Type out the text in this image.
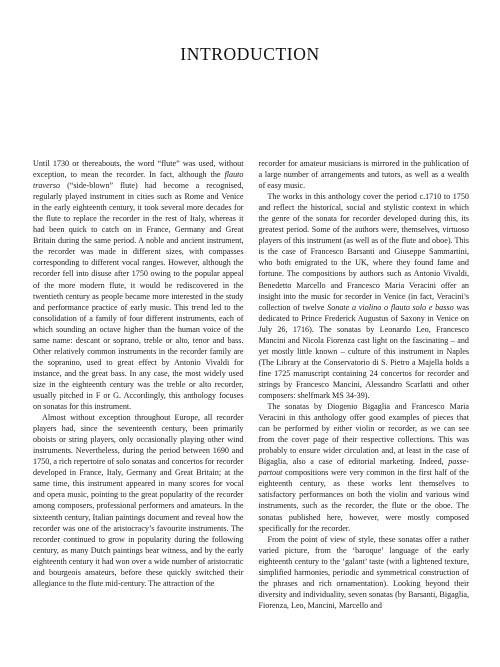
INTRODUCTION

Until 1730 or thereabouts, the word “flute” was used, without exception, to mean the recorder. In fact, although the flauto traverso (“side-blown” flute) had become a recognised, regularly played instrument in cities such as Rome and Venice in the early eighteenth century, it took several more decades for the flute to replace the recorder in the rest of Italy, whereas it had been quick to catch on in France, Germany and Great Britain during the same period. A noble and ancient instrument, the recorder was made in different sizes, with compasses corresponding to different vocal ranges. However, although the recorder fell into disuse after 1750 owing to the popular appeal of the more modern flute, it would be rediscovered in the twentieth century as people became more interested in the study and performance practice of early music. This trend led to the consolidation of a family of four different instruments, each of which sounding an octave higher than the human voice of the same name: descant or soprano, treble or alto, tenor and bass. Other relatively common instruments in the recorder family are the sopranino, used to great effect by Antonio Vivaldi for instance, and the great bass. In any case, the most widely used size in the eighteenth century was the treble or alto recorder, usually pitched in F or G. Accordingly, this anthology focuses on sonatas for this instrument.

Almost without exception throughout Europe, all recorder players had, since the seventeenth century, been primarily oboists or string players, only occasionally playing other wind instruments. Nevertheless, during the period between 1690 and 1750, a rich repertoire of solo sonatas and concertos for recorder developed in France, Italy, Germany and Great Britain; at the same time, this instrument appeared in many scores for vocal and opera music, pointing to the great popularity of the recorder among composers, professional performers and amateurs. In the sixteenth century, Italian paintings document and reveal how the recorder was one of the aristocracy’s favourite instruments. The recorder continued to grow in popularity during the following century, as many Dutch paintings bear witness, and by the early eighteenth century it had won over a wide number of aristocratic and bourgeois amateurs, before these quickly switched their allegiance to the flute mid-century. The attraction of the

recorder for amateur musicians is mirrored in the publication of a large number of arrangements and tutors, as well as a wealth of easy music.

The works in this anthology cover the period c.1710 to 1750 and reflect the historical, social and stylistic context in which the genre of the sonata for recorder developed during this, its greatest period. Some of the authors were, themselves, virtuoso players of this instrument (as well as of the flute and oboe). This is the case of Francesco Barsanti and Giuseppe Sammartini, who both emigrated to the UK, where they found fame and fortune. The compositions by authors such as Antonio Vivaldi, Benedetto Marcello and Francesco Maria Veracini offer an insight into the music for recorder in Venice (in fact, Veracini’s collection of twelve Sonate a violino o flauto solo e basso was dedicated to Prince Frederick Augustus of Saxony in Venice on July 26, 1716). The sonatas by Leonardo Leo, Francesco Mancini and Nicola Fiorenza cast light on the fascinating – and yet mostly little known – culture of this instrument in Naples (The Library at the Conservatorio di S. Pietro a Majella holds a fine 1725 manuscript containing 24 concertos for recorder and strings by Francesco Mancini, Alessandro Scarlatti and other composers: shelfmark MS 34-39).

The sonatas by Diogenio Bigaglia and Francesco Maria Veracini in this anthology offer good examples of pieces that can be performed by either violin or recorder, as we can see from the cover page of their respective collections. This was probably to ensure wider circulation and, at least in the case of Bigaglia, also a case of editorial marketing. Indeed, passe-partout compositions were very common in the first half of the eighteenth century, as these works lent themselves to satisfactory performances on both the violin and various wind instruments, such as the recorder, the flute or the oboe. The sonatas published here, however, were mostly composed specifically for the recorder.

From the point of view of style, these sonatas offer a rather varied picture, from the ‘baroque’ language of the early eighteenth century to the ‘galant’ taste (with a lightened texture, simplified harmonies, periodic and symmetrical construction of the phrases and rich ornamentation). Looking beyond their diversity and individuality, seven sonatas (by Barsanti, Bigaglia, Fiorenza, Leo, Mancini, Marcello and
